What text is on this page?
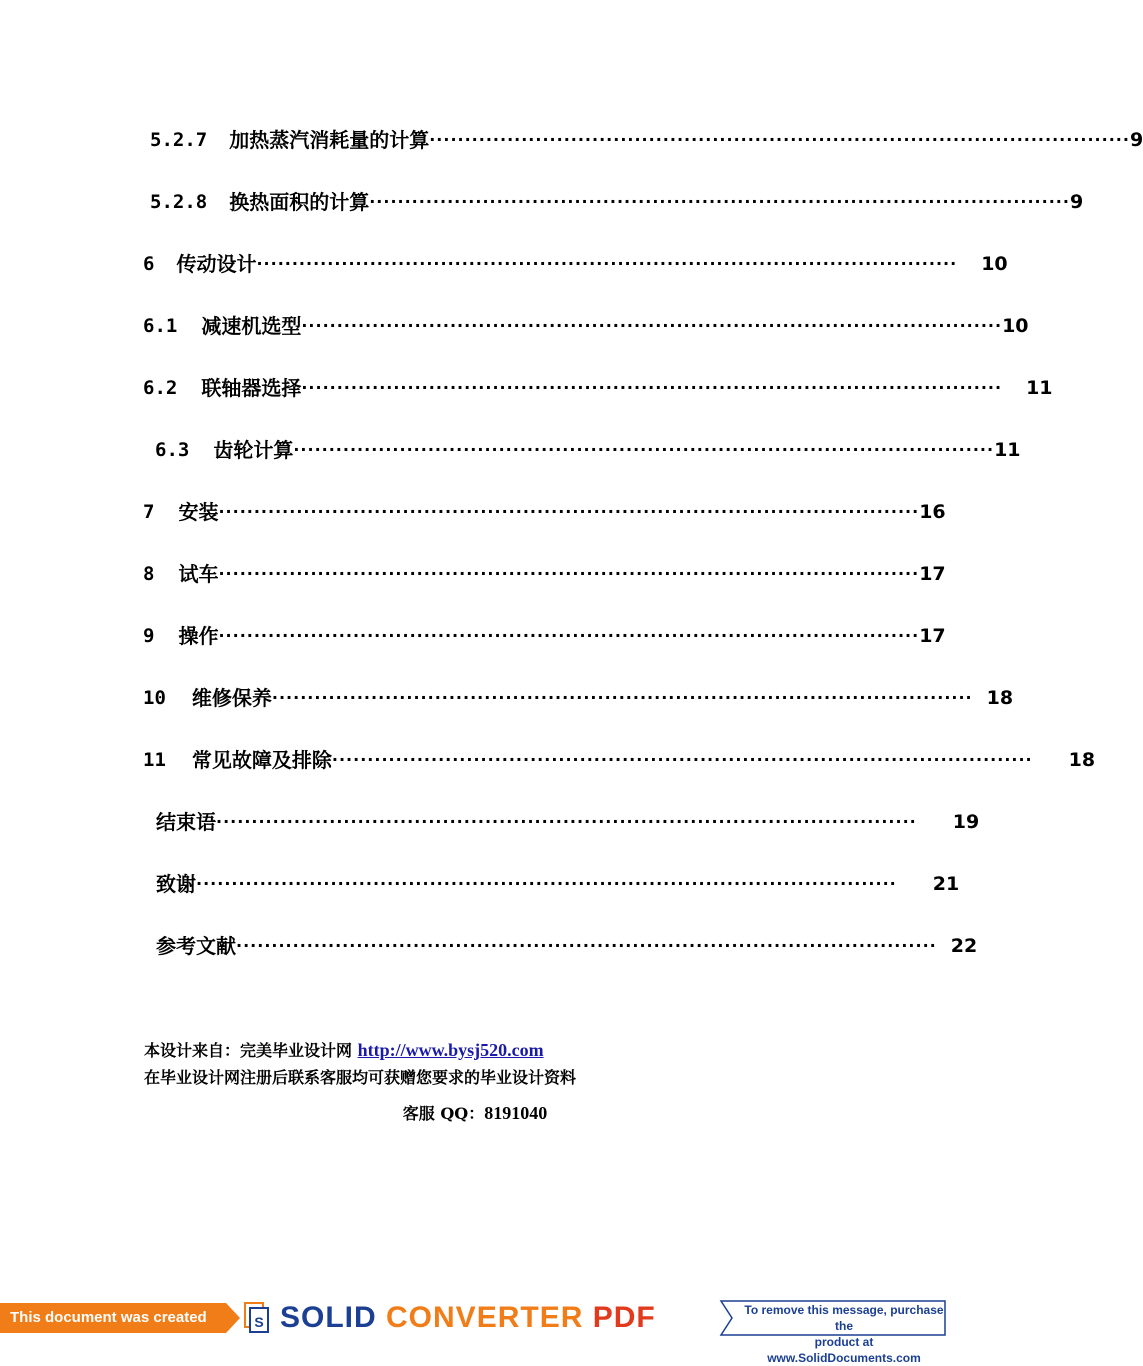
5.2.7 加热蒸汽消耗量的计算 ··································································································· 9
5.2.8 换热面积的计算 ··································································································· 9
6 传动设计 ··································································································· 10
6.1 减速机选型 ··································································································· 10
6.2 联轴器选择 ··································································································· 11
6.3 齿轮计算 ··································································································· 11
7 安装 ··································································································· 16
8 试车 ··································································································· 17
9 操作 ··································································································· 17
10 维修保养 ··································································································· 18
11 常见故障及排除 ··································································································· 18
结束语 ··································································································· 19
致谢 ··································································································· 21
参考文献 ··································································································· 22
本设计来自：完美毕业设计网 http://www.bysj520.com
在毕业设计网注册后联系客服均可获赠您要求的毕业设计资料
客服 QQ：8191040
This document was created using
S SOLID CONVERTER PDF	To remove this message, purchase the
product at www.SolidDocuments.com
